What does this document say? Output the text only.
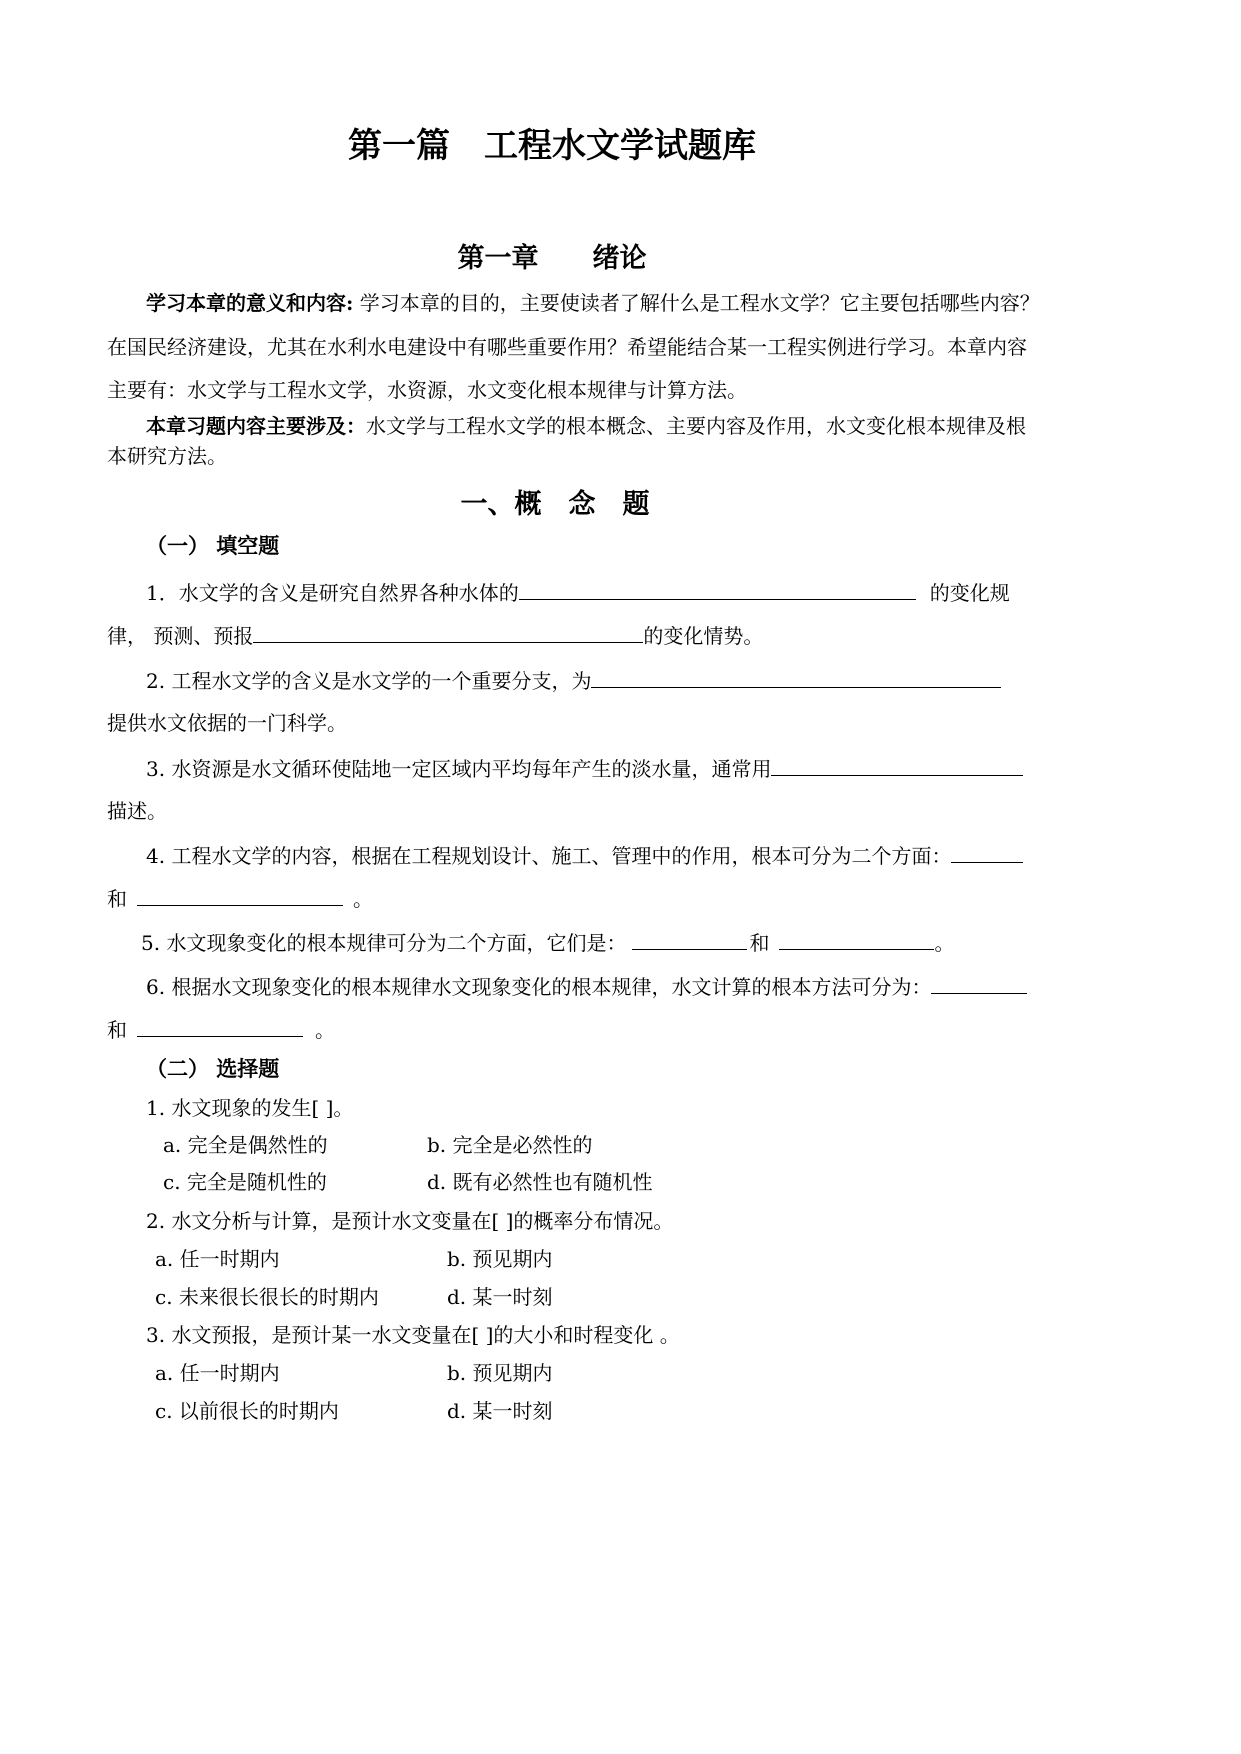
第一篇　工程水文学试题库
第一章　　绪论
学习本章的意义和内容: 学习本章的目的，主要使读者了解什么是工程水文学？它主要包括哪些内容？
在国民经济建设，尤其在水利水电建设中有哪些重要作用？希望能结合某一工程实例进行学习。本章内容
主要有：水文学与工程水文学，水资源，水文变化根本规律与计算方法。
本章习题内容主要涉及：水文学与工程水文学的根本概念、主要内容及作用，水文变化根本规律及根
本研究方法。
一、概　念　题
（一） 填空题
1．水文学的含义是研究自然界各种水体的	的变化规
律， 预测、预报	的变化情势。
2. 工程水文学的含义是水文学的一个重要分支，为
提供水文依据的一门科学。
3. 水资源是水文循环使陆地一定区域内平均每年产生的淡水量，通常用
描述。
4. 工程水文学的内容，根据在工程规划设计、施工、管理中的作用，根本可分为二个方面：
和	。
5. 水文现象变化的根本规律可分为二个方面，它们是：	和	。
6. 根据水文现象变化的根本规律水文现象变化的根本规律，水文计算的根本方法可分为：
和	。
（二） 选择题
1. 水文现象的发生[ ]。
a. 完全是偶然性的	b. 完全是必然性的
c. 完全是随机性的	d. 既有必然性也有随机性
2. 水文分析与计算，是预计水文变量在[ ]的概率分布情况。
a. 任一时期内	b. 预见期内
c. 未来很长很长的时期内	d. 某一时刻
3. 水文预报，是预计某一水文变量在[ ]的大小和时程变化 。
a. 任一时期内	b. 预见期内
c. 以前很长的时期内	d. 某一时刻
